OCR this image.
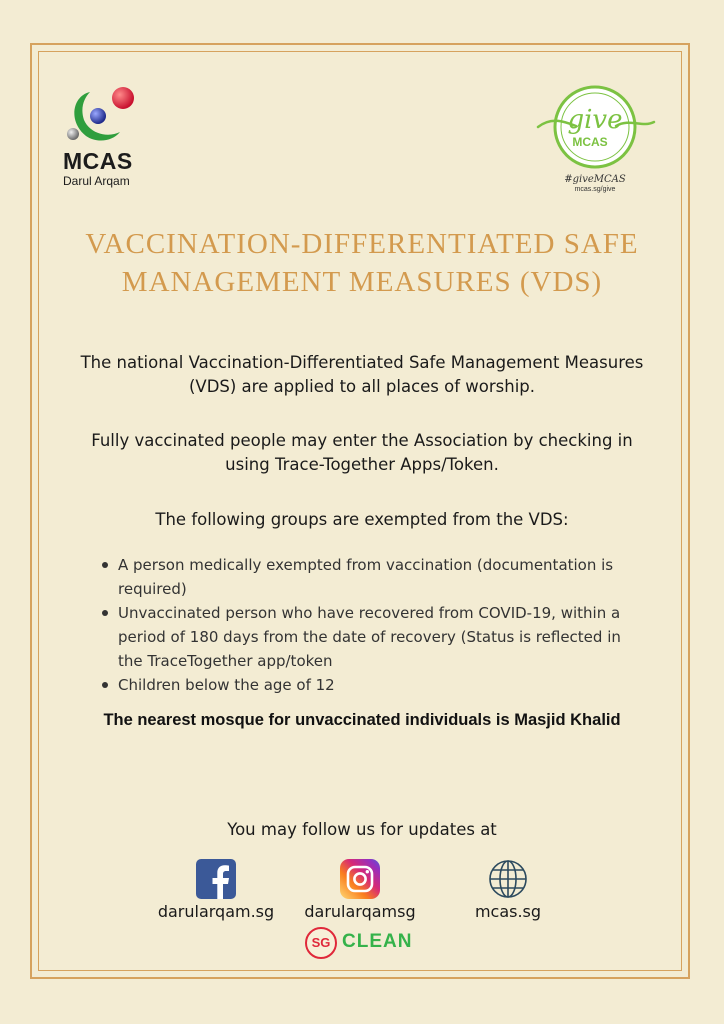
MCAS
Darul Arqam
give
MCAS
#giveMCAS
mcas.sg/give
VACCINATION-DIFFERENTIATED SAFE
MANAGEMENT MEASURES (VDS)

The national Vaccination-Differentiated Safe Management Measures
(VDS) are applied to all places of worship.

Fully vaccinated people may enter the Association by checking in
using Trace-Together Apps/Token.

The following groups are exempted from the VDS:

A person medically exempted from vaccination (documentation is
required)
Unvaccinated person who have recovered from COVID-19, within a
period of 180 days from the date of recovery (Status is reflected in
the TraceTogether app/token
Children below the age of 12

The nearest mosque for unvaccinated individuals is Masjid Khalid

You may follow us for updates at

darularqam.sg	darularqamsg	mcas.sg
SG CLEAN
